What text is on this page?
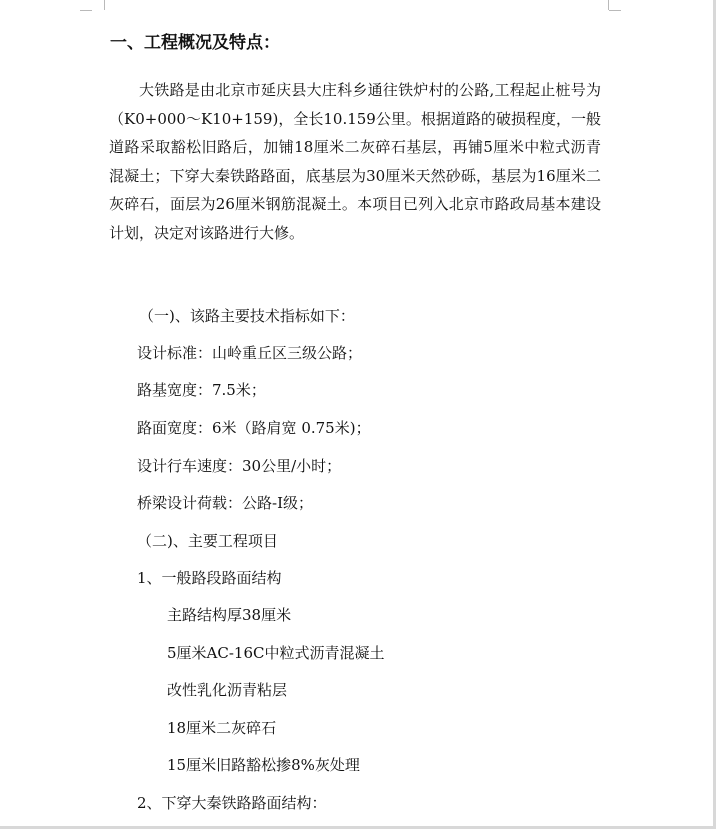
一、工程概况及特点：

大铁路是由北京市延庆县大庄科乡通往铁炉村的公路,工程起止桩号为（K0+000～K10+159)，全长10.159公里。根据道路的破损程度，一般道路采取豁松旧路后，加铺18厘米二灰碎石基层，再铺5厘米中粒式沥青混凝土；下穿大秦铁路路面，底基层为30厘米天然砂砾，基层为16厘米二灰碎石，面层为26厘米钢筋混凝土。本项目已列入北京市路政局基本建设计划，决定对该路进行大修。

（一)、该路主要技术指标如下：
设计标准：山岭重丘区三级公路；
路基宽度：7.5米；
路面宽度：6米（路肩宽 0.75米)；
设计行车速度：30公里/小时；
桥梁设计荷载：公路-Ⅰ级；
（二)、主要工程项目
1、一般路段路面结构
主路结构厚38厘米
5厘米AC-16C中粒式沥青混凝土
改性乳化沥青粘层
18厘米二灰碎石
15厘米旧路豁松掺8%灰处理
2、下穿大秦铁路路面结构：
